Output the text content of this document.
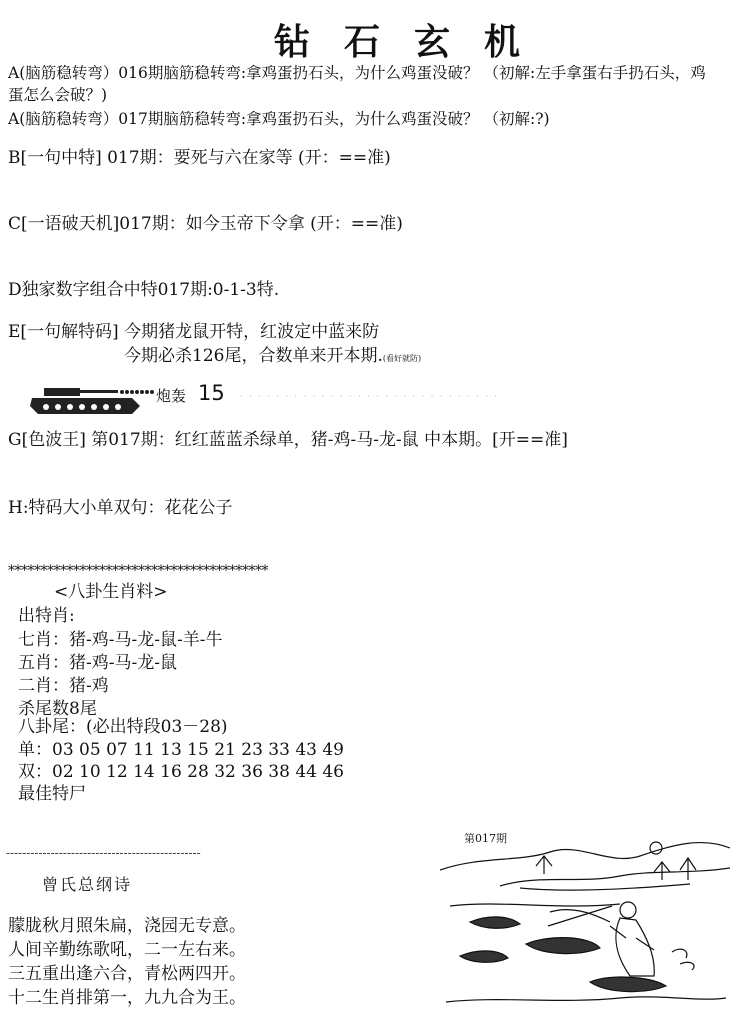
钻石玄机
A(脑筋稳转弯）016期脑筋稳转弯:拿鸡蛋扔石头，为什么鸡蛋没破？ （初解:左手拿蛋右手扔石头，鸡
蛋怎么会破？)
A(脑筋稳转弯）017期脑筋稳转弯:拿鸡蛋扔石头，为什么鸡蛋没破？ （初解:?)
B[一句中特] 017期：要死与六在家等 (开：==准)
C[一语破天机]017期：如今玉帝下令拿 (开：==准)
D独家数字组合中特017期:0-1-3特.
E[一句解特码] 今期猪龙鼠开特，红波定中蓝来防
今期必杀126尾，合数单来开本期.(看好就防)
炮轰 15 · · · · · · · · · · · · · · · · · · · · · · · · · · · · ·
G[色波王] 第017期：红红蓝蓝杀绿单，猪-鸡-马-龙-鼠 中本期。[开==准]
H:特码大小单双句：花花公子
****************************************
<八卦生肖料>
出特肖:
七肖：猪-鸡-马-龙-鼠-羊-牛
五肖：猪-鸡-马-龙-鼠
二肖：猪-鸡
杀尾数8尾
八卦尾：(必出特段03－28)
单：03 05 07 11 13 15 21 23 33 43 49
双：02 10 12 14 16 28 32 36 38 44 46
最佳特尸
------------------------------------------------
曾氏总纲诗
朦胧秋月照朱扁，浇园无专意。
人间辛勤练歌吼，二一左右来。
三五重出逢六合，青松两四开。
十二生肖排第一，九九合为王。
第017期
